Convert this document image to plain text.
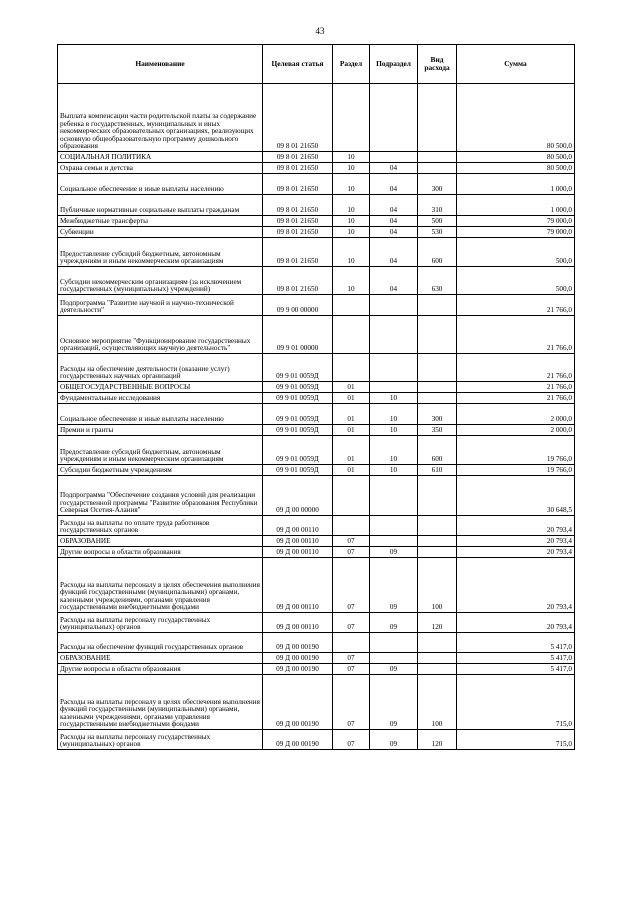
43
Наименование	Целевая статья	Раздел	Подраздел	Вид расхода	Сумма
Выплата компенсации части родительской платы за содержание ребенка в государственных, муниципальных и иных некоммерческих образовательных организациях, реализующих основную общеобразовательную программу дошкольного образования	09 8 01 21650				80 500,0
СОЦИАЛЬНАЯ ПОЛИТИКА	09 8 01 21650	10			80 500,0
Охрана семьи и детства	09 8 01 21650	10	04		80 500,0
Социальное обеспечение и иные выплаты населению	09 8 01 21650	10	04	300	1 000,0
Публичные нормативные социальные выплаты гражданам	09 8 01 21650	10	04	310	1 000,0
Межбюджетные трансферты	09 8 01 21650	10	04	500	79 000,0
Субвенции	09 8 01 21650	10	04	530	79 000,0
Предоставление субсидий бюджетным, автономным учреждениям и иным некоммерческим организациям	09 8 01 21650	10	04	600	500,0
Субсидии некоммерческим организациям (за исключением государственных (муниципальных) учреждений)	09 8 01 21650	10	04	630	500,0
Подпрограмма "Развитие научной и научно-технической деятельности"	09 9 00 00000				21 766,0
Основное мероприятие "Функционирование государственных организаций, осуществляющих научную деятельность"	09 9 01 00000				21 766,0
Расходы на обеспечение деятельности (оказание услуг) государственных научных организаций	09 9 01 0059Д				21 766,0
ОБЩЕГОСУДАРСТВЕННЫЕ ВОПРОСЫ	09 9 01 0059Д	01			21 766,0
Фундаментальные исследования	09 9 01 0059Д	01	10		21 766,0
Социальное обеспечение и иные выплаты населению	09 9 01 0059Д	01	10	300	2 000,0
Премии и гранты	09 9 01 0059Д	01	10	350	2 000,0
Предоставление субсидий бюджетным, автономным учреждениям и иным некоммерческим организациям	09 9 01 0059Д	01	10	600	19 766,0
Субсидии бюджетным учреждениям	09 9 01 0059Д	01	10	610	19 766,0
Подпрограмма "Обеспечение создания условий для реализации государственной программы "Развитие образования Республики Северная Осетия-Алания"	09 Д 00 00000				30 648,5
Расходы на выплаты по оплате труда работников государственных органов	09 Д 00 00110				20 793,4
ОБРАЗОВАНИЕ	09 Д 00 00110	07			20 793,4
Другие вопросы в области образования	09 Д 00 00110	07	09		20 793,4
Расходы на выплаты персоналу в целях обеспечения выполнения функций государственными (муниципальными) органами, казенными учреждениями, органами управления государственными внебюджетными фондами	09 Д 00 00110	07	09	100	20 793,4
Расходы на выплаты персоналу государственных (муниципальных) органов	09 Д 00 00110	07	09	120	20 793,4
Расходы на обеспечение функций государственных органов	09 Д 00 00190				5 417,0
ОБРАЗОВАНИЕ	09 Д 00 00190	07			5 417,0
Другие вопросы в области образования	09 Д 00 00190	07	09		5 417,0
Расходы на выплаты персоналу в целях обеспечения выполнения функций государственными (муниципальными) органами, казенными учреждениями, органами управления государственными внебюджетными фондами	09 Д 00 00190	07	09	100	715,0
Расходы на выплаты персоналу государственных (муниципальных) органов	09 Д 00 00190	07	09	120	715,0
